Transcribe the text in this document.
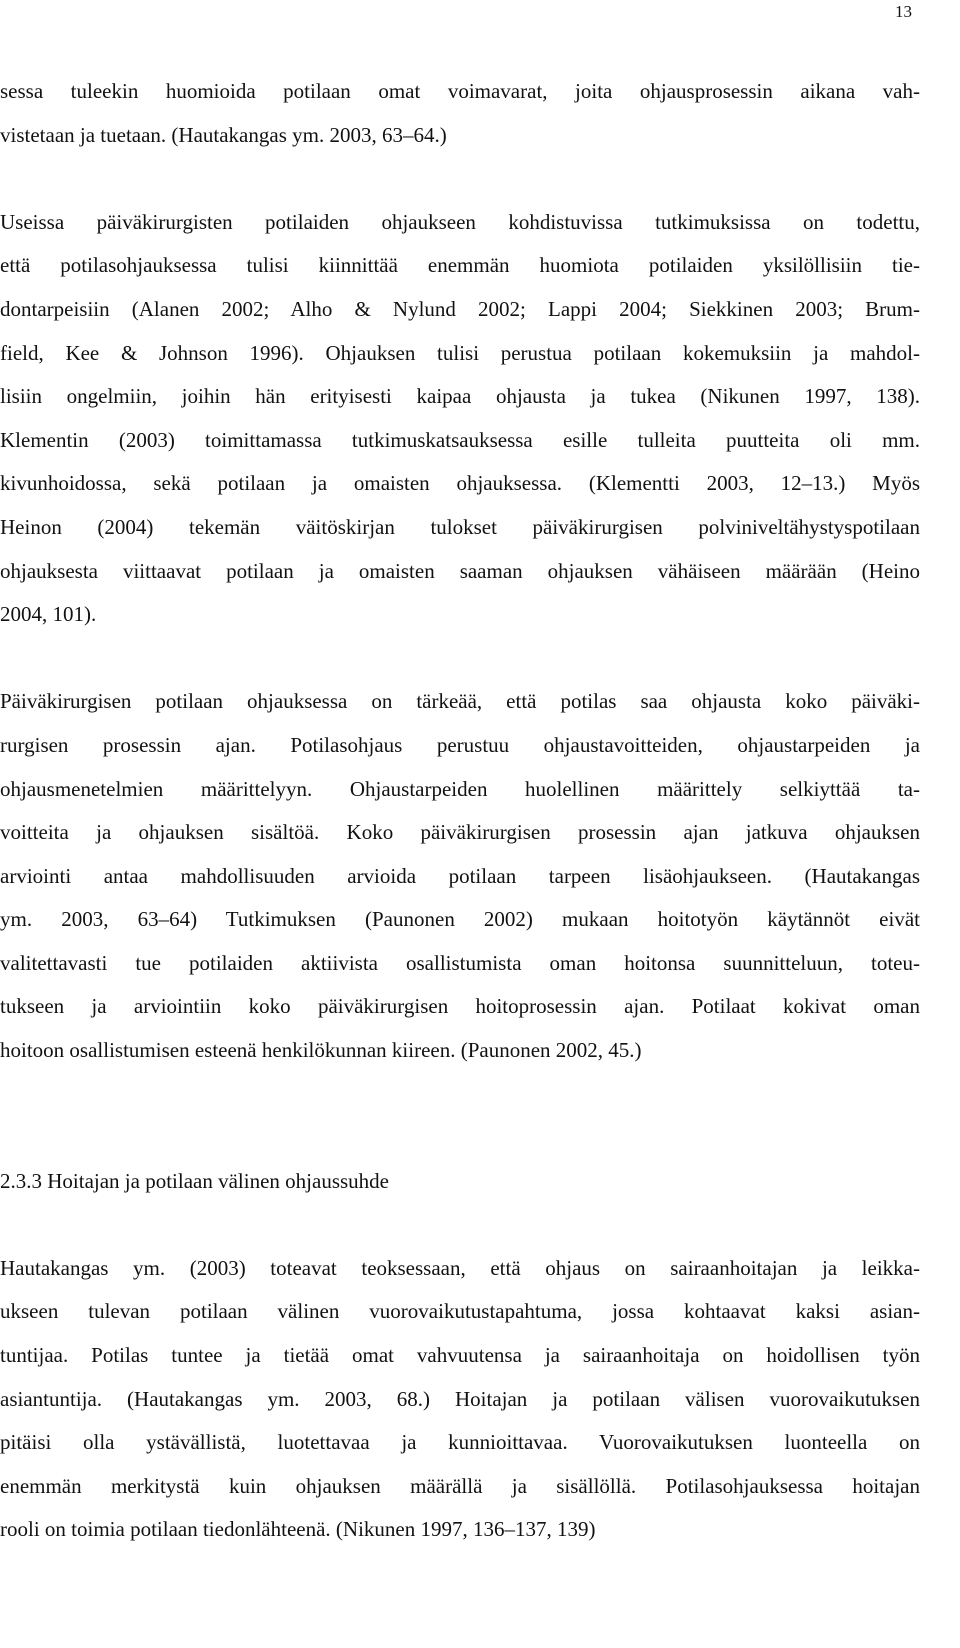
13
sessa tuleekin huomioida potilaan omat voimavarat, joita ohjausprosessin aikana vah-
vistetaan ja tuetaan. (Hautakangas ym. 2003, 63–64.)
Useissa päiväkirurgisten potilaiden ohjaukseen kohdistuvissa tutkimuksissa on todettu,
että potilasohjauksessa tulisi kiinnittää enemmän huomiota potilaiden yksilöllisiin tie-
dontarpeisiin (Alanen 2002; Alho & Nylund 2002; Lappi 2004; Siekkinen 2003; Brum-
field, Kee & Johnson 1996). Ohjauksen tulisi perustua potilaan kokemuksiin ja mahdol-
lisiin ongelmiin, joihin hän erityisesti kaipaa ohjausta ja tukea (Nikunen 1997, 138).
Klementin (2003) toimittamassa tutkimuskatsauksessa esille tulleita puutteita oli mm.
kivunhoidossa, sekä potilaan ja omaisten ohjauksessa. (Klementti 2003, 12–13.) Myös
Heinon (2004) tekemän väitöskirjan tulokset päiväkirurgisen polviniveltähystyspotilaan
ohjauksesta viittaavat potilaan ja omaisten saaman ohjauksen vähäiseen määrään (Heino
2004, 101).
Päiväkirurgisen potilaan ohjauksessa on tärkeää, että potilas saa ohjausta koko päiväki-
rurgisen prosessin ajan. Potilasohjaus perustuu ohjaustavoitteiden, ohjaustarpeiden ja
ohjausmenetelmien määrittelyyn. Ohjaustarpeiden huolellinen määrittely selkiyttää ta-
voitteita ja ohjauksen sisältöä. Koko päiväkirurgisen prosessin ajan jatkuva ohjauksen
arviointi antaa mahdollisuuden arvioida potilaan tarpeen lisäohjaukseen. (Hautakangas
ym. 2003, 63–64) Tutkimuksen (Paunonen 2002) mukaan hoitotyön käytännöt eivät
valitettavasti tue potilaiden aktiivista osallistumista oman hoitonsa suunnitteluun, toteu-
tukseen ja arviointiin koko päiväkirurgisen hoitoprosessin ajan. Potilaat kokivat oman
hoitoon osallistumisen esteenä henkilökunnan kiireen. (Paunonen 2002, 45.)
2.3.3 Hoitajan ja potilaan välinen ohjaussuhde
Hautakangas ym. (2003) toteavat teoksessaan, että ohjaus on sairaanhoitajan ja leikka-
ukseen tulevan potilaan välinen vuorovaikutustapahtuma, jossa kohtaavat kaksi asian-
tuntijaa. Potilas tuntee ja tietää omat vahvuutensa ja sairaanhoitaja on hoidollisen työn
asiantuntija. (Hautakangas ym. 2003, 68.) Hoitajan ja potilaan välisen vuorovaikutuksen
pitäisi olla ystävällistä, luotettavaa ja kunnioittavaa. Vuorovaikutuksen luonteella on
enemmän merkitystä kuin ohjauksen määrällä ja sisällöllä. Potilasohjauksessa hoitajan
rooli on toimia potilaan tiedonlähteenä. (Nikunen 1997, 136–137, 139)
